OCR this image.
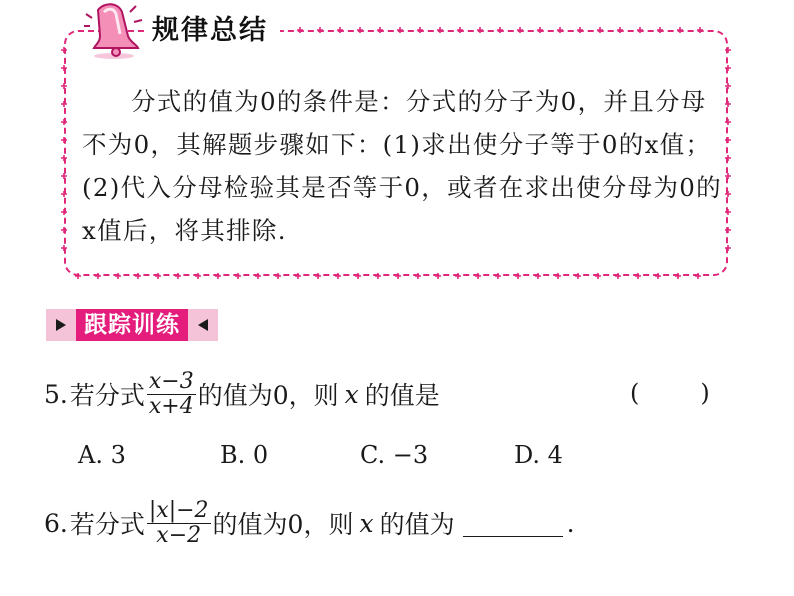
规律总结

分式的值为0的条件是：分式的分子为0，并且分母不为0，其解题步骤如下：(1)求出使分子等于0的x值；(2)代入分母检验其是否等于0，或者在求出使分母为0的x值后，将其排除.

跟踪训练
5. 若分式 $\frac{x-3}{x+4}$ 的值为0，则 x 的值是	(        )
A. 3	B. 0	C. −3	D. 4
6. 若分式 $\frac{|x|-2}{x-2}$ 的值为0，则 x 的值为	.
